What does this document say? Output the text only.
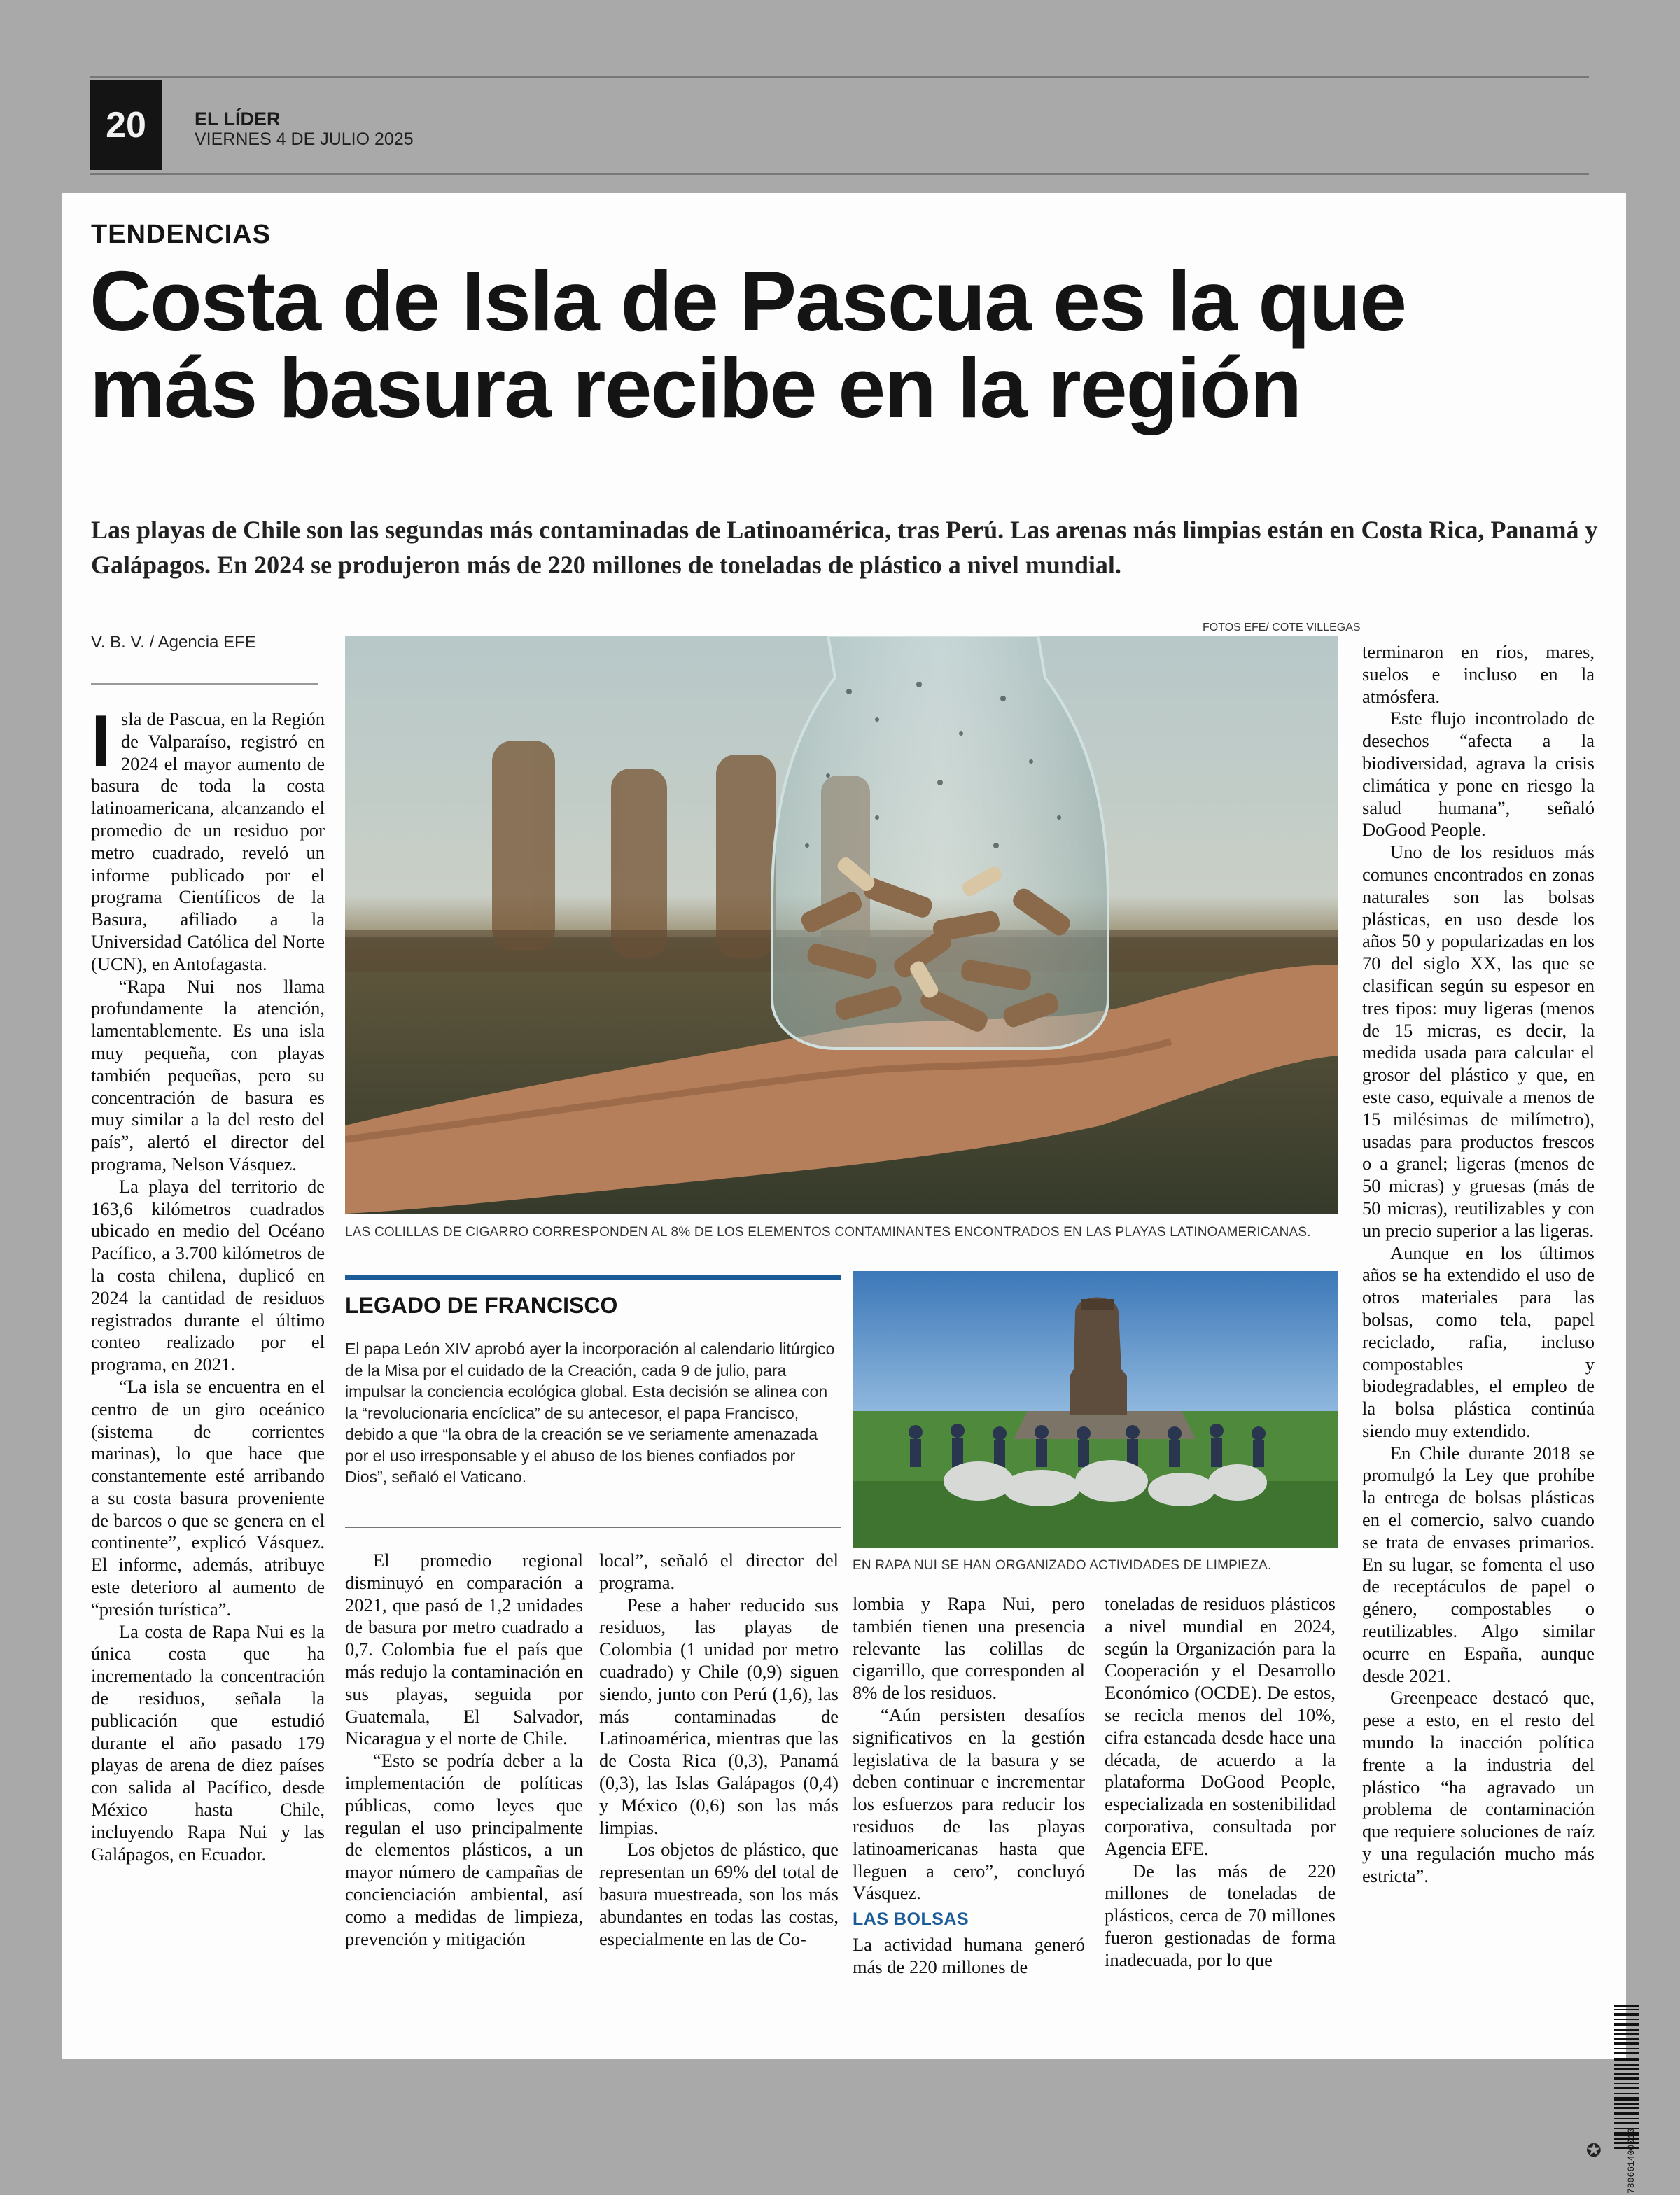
20	EL LÍDER
VIERNES 4 DE JULIO 2025
TENDENCIAS
Costa de Isla de Pascua es la que
más basura recibe en la región

Las playas de Chile son las segundas más contaminadas de Latinoamérica, tras Perú. Las arenas más limpias están en Costa Rica, Panamá y Galápagos. En 2024 se produjeron más de 220 millones de toneladas de plástico a nivel mundial.

V. B. V. / Agencia EFE

Isla de Pascua, en la Región de Valparaíso, registró en 2024 el mayor aumento de basura de toda la costa latinoamericana, alcanzando el promedio de un residuo por metro cuadrado, reveló un informe publicado por el programa Científicos de la Basura, afiliado a la Universidad Católica del Norte (UCN), en Antofagasta.

“Rapa Nui nos llama profundamente la atención, lamentablemente. Es una isla muy pequeña, con playas también pequeñas, pero su concentración de basura es muy similar a la del resto del país”, alertó el director del programa, Nelson Vásquez.

La playa del territorio de 163,6 kilómetros cuadrados ubicado en medio del Océano Pacífico, a 3.700 kilómetros de la costa chilena, duplicó en 2024 la cantidad de residuos registrados durante el último conteo realizado por el programa, en 2021.

“La isla se encuentra en el centro de un giro oceánico (sistema de corrientes marinas), lo que hace que constantemente esté arribando a su costa basura proveniente de barcos o que se genera en el continente”, explicó Vásquez. El informe, además, atribuye este deterioro al aumento de “presión turística”.

La costa de Rapa Nui es la única costa que ha incrementado la concentración de residuos, señala la publicación que estudió durante el año pasado 179 playas de arena de diez países con salida al Pacífico, desde México hasta Chile, incluyendo Rapa Nui y las Galápagos, en Ecuador.

FOTOS EFE/ COTE VILLEGAS
LAS COLILLAS DE CIGARRO CORRESPONDEN AL 8% DE LOS ELEMENTOS CONTAMINANTES ENCONTRADOS EN LAS PLAYAS LATINOAMERICANAS.
LEGADO DE FRANCISCO

El papa León XIV aprobó ayer la incorporación al calendario litúrgico de la Misa por el cuidado de la Creación, cada 9 de julio, para impulsar la conciencia ecológica global. Esta decisión se alinea con la “revolucionaria encíclica” de su antecesor, el papa Francisco, debido a que “la obra de la creación se ve seriamente amenazada por el uso irresponsable y el abuso de los bienes confiados por Dios”, señaló el Vaticano.

EN RAPA NUI SE HAN ORGANIZADO ACTIVIDADES DE LIMPIEZA.

El promedio regional disminuyó en comparación a 2021, que pasó de 1,2 unidades de basura por metro cuadrado a 0,7. Colombia fue el país que más redujo la contaminación en sus playas, seguida por Guatemala, El Salvador, Nicaragua y el norte de Chile.

“Esto se podría deber a la implementación de políticas públicas, como leyes que regulan el uso principalmente de elementos plásticos, a un mayor número de campañas de concienciación ambiental, así como a medidas de limpieza, prevención y mitigación

local”, señaló el director del programa.

Pese a haber reducido sus residuos, las playas de Colombia (1 unidad por metro cuadrado) y Chile (0,9) siguen siendo, junto con Perú (1,6), las más contaminadas de Latinoamérica, mientras que las de Costa Rica (0,3), Panamá (0,3), las Islas Galápagos (0,4) y México (0,6) son las más limpias.

Los objetos de plástico, que representan un 69% del total de basura muestreada, son los más abundantes en todas las costas, especialmente en las de Co-

lombia y Rapa Nui, pero también tienen una presencia relevante las colillas de cigarrillo, que corresponden al 8% de los residuos.

“Aún persisten desafíos significativos en la gestión legislativa de la basura y se deben continuar e incrementar los esfuerzos para reducir los residuos de las playas latinoamericanas hasta que lleguen a cero”, concluyó Vásquez.

LAS BOLSAS

La actividad humana generó más de 220 millones de

toneladas de residuos plásticos a nivel mundial en 2024, según la Organización para la Cooperación y el Desarrollo Económico (OCDE). De estos, se recicla menos del 10%, cifra estancada desde hace una década, de acuerdo a la plataforma DoGood People, especializada en sostenibilidad corporativa, consultada por Agencia EFE.

De las más de 220 millones de toneladas de plásticos, cerca de 70 millones fueron gestionadas de forma inadecuada, por lo que

terminaron en ríos, mares, suelos e incluso en la atmósfera.

Este flujo incontrolado de desechos “afecta a la biodiversidad, agrava la crisis climática y pone en riesgo la salud humana”, señaló DoGood People.

Uno de los residuos más comunes encontrados en zonas naturales son las bolsas plásticas, en uso desde los años 50 y popularizadas en los 70 del siglo XX, las que se clasifican según su espesor en tres tipos: muy ligeras (menos de 15 micras, es decir, la medida usada para calcular el grosor del plástico y que, en este caso, equivale a menos de 15 milésimas de milímetro), usadas para productos frescos o a granel; ligeras (menos de 50 micras) y gruesas (más de 50 micras), reutilizables y con un precio superior a las ligeras.

Aunque en los últimos años se ha extendido el uso de otros materiales para las bolsas, como tela, papel reciclado, rafia, incluso compostables y biodegradables, el empleo de la bolsa plástica continúa siendo muy extendido.

En Chile durante 2018 se promulgó la Ley que prohíbe la entrega de bolsas plásticas en el comercio, salvo cuando se trata de envases primarios. En su lugar, se fomenta el uso de receptáculos de papel o género, compostables o reutilizables. Algo similar ocurre en España, aunque desde 2021.

Greenpeace destacó que, pese a esto, en el resto del mundo la inacción política frente a la industria del plástico “ha agravado un problema de contaminación que requiere soluciones de raíz y una regulación mucho más estricta”.

✪	780661400013
